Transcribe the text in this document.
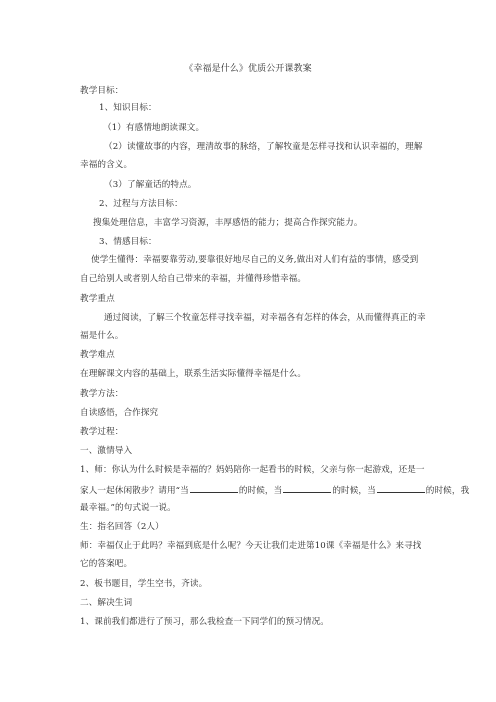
《幸福是什么》优质公开课教案
教学目标：
1、知识目标：
（1）有感情地朗读课文。
（2）读懂故事的内容，理清故事的脉络，了解牧童是怎样寻找和认识幸福的，理解
幸福的含义。
（3）了解童话的特点。
2、过程与方法目标：
搜集处理信息，丰富学习资源，丰厚感悟的能力；提高合作探究能力。
3、情感目标：
使学生懂得：幸福要靠劳动,要靠很好地尽自己的义务,做出对人们有益的事情，感受到
自己给别人或者别人给自己带来的幸福，并懂得珍惜幸福。
教学重点
通过阅读，了解三个牧童怎样寻找幸福，对幸福各有怎样的体会，从而懂得真正的幸
福是什么。
教学难点
在理解课文内容的基础上，联系生活实际懂得幸福是什么。
教学方法：
自读感悟，合作探究
教学过程：
一、激情导入
1、师：你认为什么时候是幸福的？妈妈陪你一起看书的时候，父亲与你一起游戏，还是一
家人一起休闲散步？请用“当	的时候，当	的时候，当	的时候，我
最幸福。”的句式说一说。
生：指名回答（2人）
师：幸福仅止于此吗？幸福到底是什么呢？今天让我们走进第10课《幸福是什么》来寻找
它的答案吧。
2、板书题目，学生空书，齐读。
二、解决生词
1、课前我们都进行了预习，那么我检查一下同学们的预习情况。
